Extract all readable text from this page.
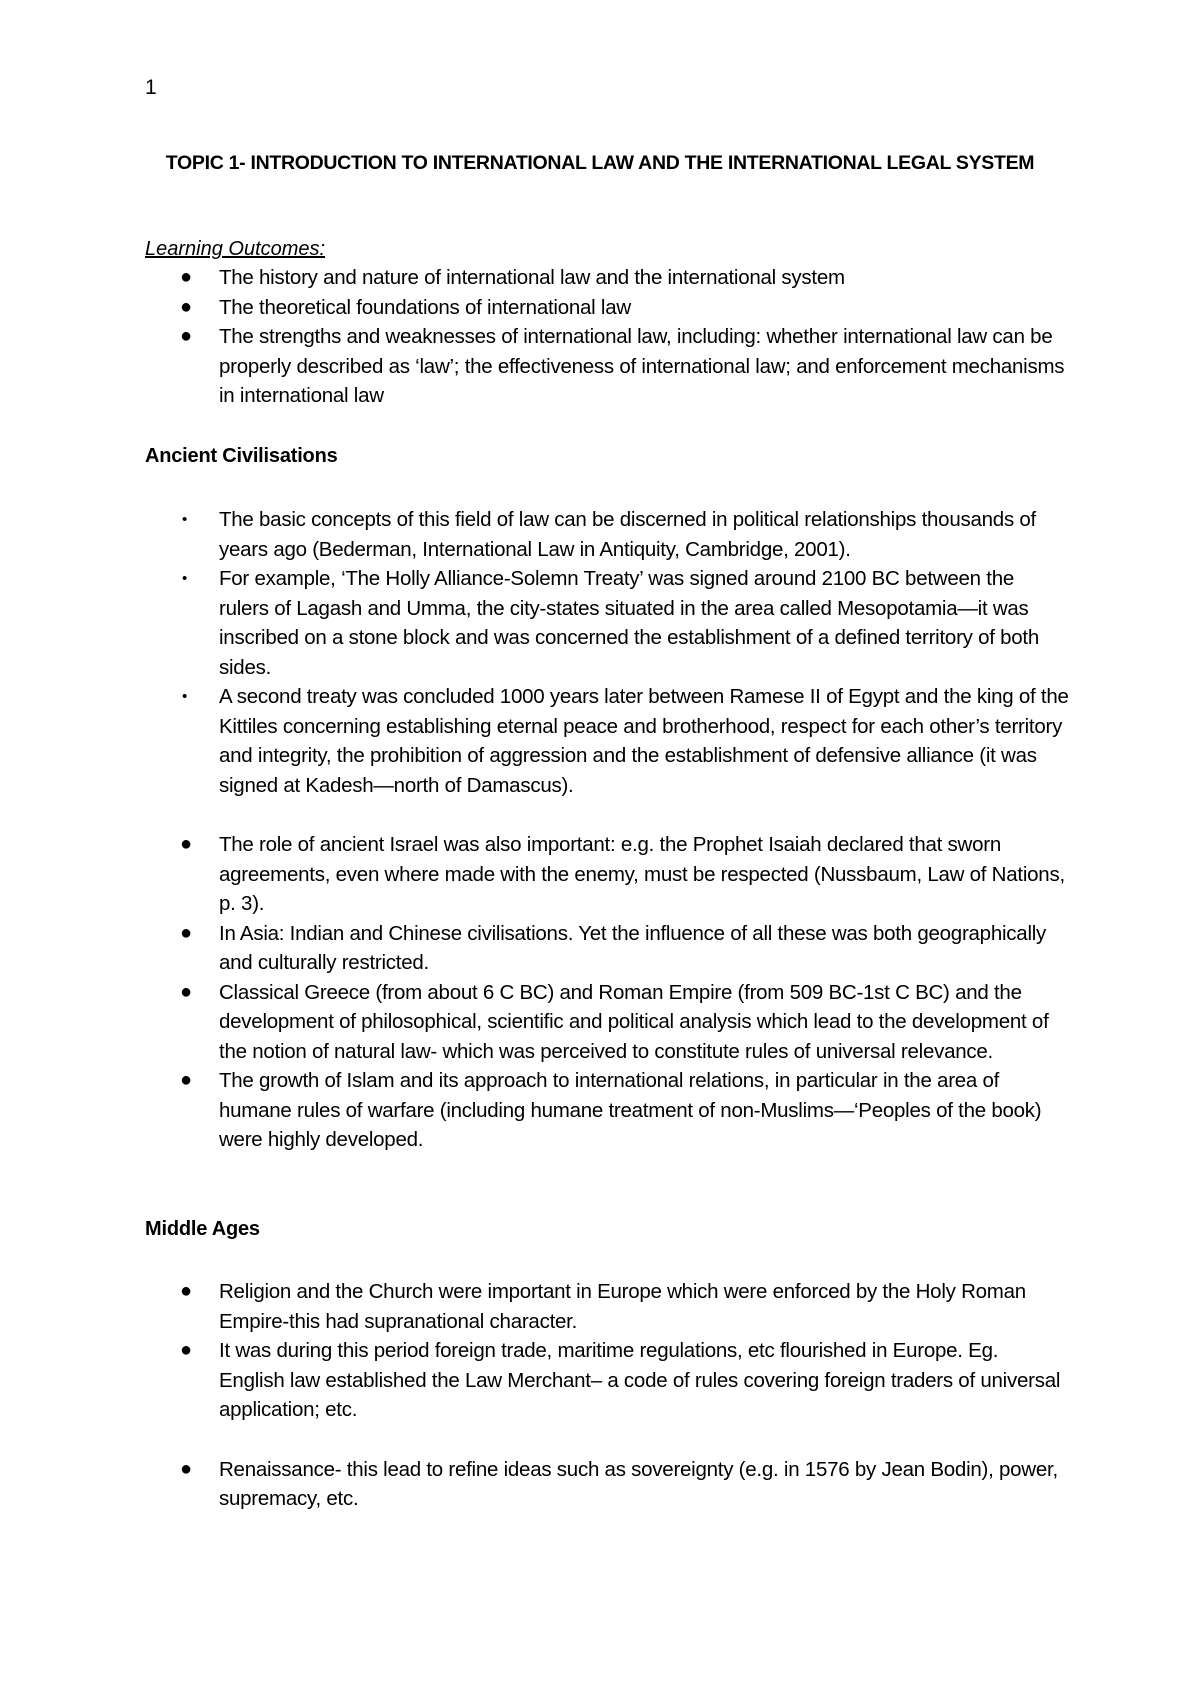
1
TOPIC 1- INTRODUCTION TO INTERNATIONAL LAW AND THE INTERNATIONAL LEGAL SYSTEM
Learning Outcomes:
● The history and nature of international law and the international system
● The theoretical foundations of international law
● The strengths and weaknesses of international law, including: whether international law can be properly described as ‘law’; the effectiveness of international law; and enforcement mechanisms in international law
Ancient Civilisations
• The basic concepts of this field of law can be discerned in political relationships thousands of years ago (Bederman, International Law in Antiquity, Cambridge, 2001).
• For example, ‘The Holly Alliance-Solemn Treaty’ was signed around 2100 BC between the rulers of Lagash and Umma, the city-states situated in the area called Mesopotamia—it was inscribed on a stone block and was concerned the establishment of a defined territory of both sides.
• A second treaty was concluded 1000 years later between Ramese II of Egypt and the king of the Kittiles concerning establishing eternal peace and brotherhood, respect for each other’s territory and integrity, the prohibition of aggression and the establishment of defensive alliance (it was signed at Kadesh—north of Damascus).
● The role of ancient Israel was also important: e.g. the Prophet Isaiah declared that sworn agreements, even where made with the enemy, must be respected (Nussbaum, Law of Nations, p. 3).
● In Asia: Indian and Chinese civilisations. Yet the influence of all these was both geographically and culturally restricted.
● Classical Greece (from about 6 C BC) and Roman Empire (from 509 BC-1st C BC) and the development of philosophical, scientific and political analysis which lead to the development of the notion of natural law- which was perceived to constitute rules of universal relevance.
● The growth of Islam and its approach to international relations, in particular in the area of humane rules of warfare (including humane treatment of non-Muslims—‘Peoples of the book) were highly developed.
Middle Ages
● Religion and the Church were important in Europe which were enforced by the Holy Roman Empire-this had supranational character.
● It was during this period foreign trade, maritime regulations, etc flourished in Europe. Eg. English law established the Law Merchant– a code of rules covering foreign traders of universal application; etc.
● Renaissance- this lead to refine ideas such as sovereignty (e.g. in 1576 by Jean Bodin), power, supremacy, etc.
